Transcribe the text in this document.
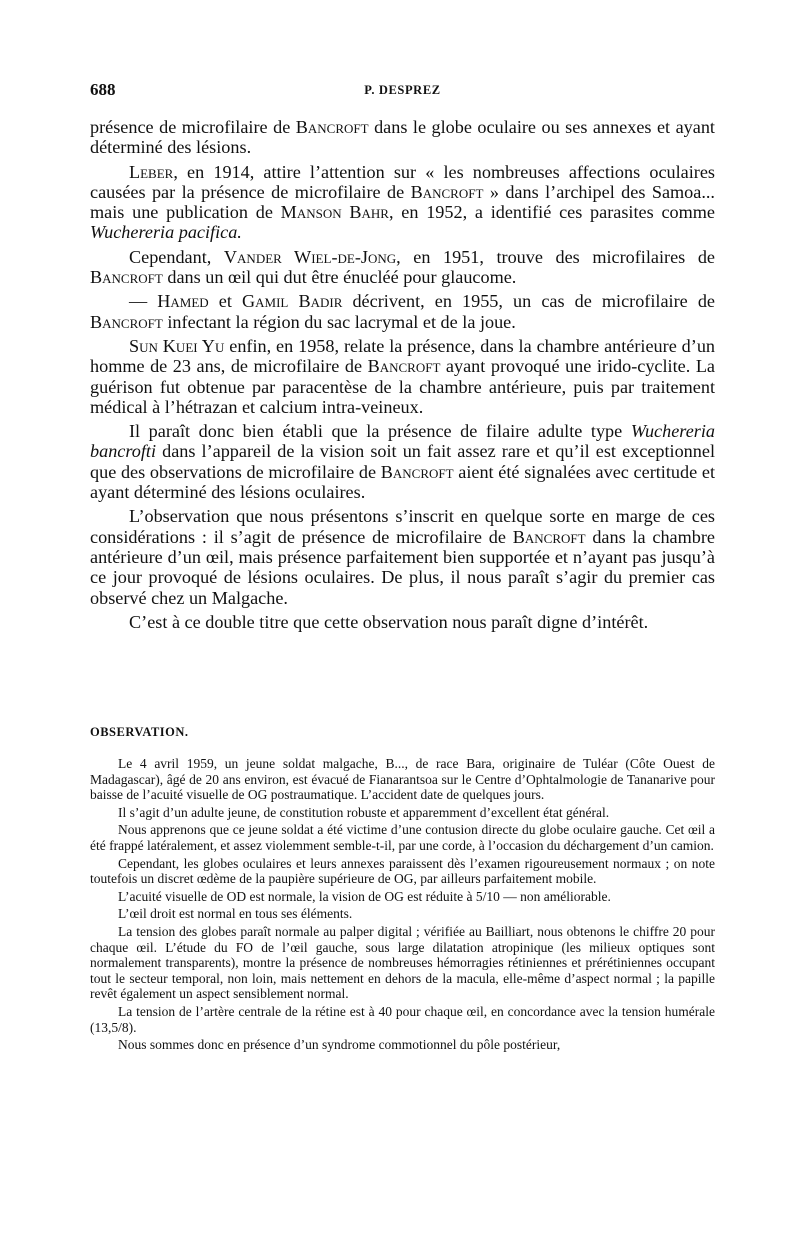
688	P. DESPREZ

présence de microfilaire de Bancroft dans le globe oculaire ou ses annexes et ayant déterminé des lésions.

Leber, en 1914, attire l’attention sur « les nombreuses affections oculaires causées par la présence de microfilaire de Bancroft » dans l’archipel des Samoa... mais une publication de Manson Bahr, en 1952, a identifié ces parasites comme Wuchereria pacifica.

Cependant, Vander Wiel-de-Jong, en 1951, trouve des microfilaires de Bancroft dans un œil qui dut être énucléé pour glaucome.

— Hamed et Gamil Badir décrivent, en 1955, un cas de microfilaire de Bancroft infectant la région du sac lacrymal et de la joue.

Sun Kuei Yu enfin, en 1958, relate la présence, dans la chambre antérieure d’un homme de 23 ans, de microfilaire de Bancroft ayant provoqué une irido-cyclite. La guérison fut obtenue par paracentèse de la chambre antérieure, puis par traitement médical à l’hétrazan et calcium intra-veineux.

Il paraît donc bien établi que la présence de filaire adulte type Wuchereria bancrofti dans l’appareil de la vision soit un fait assez rare et qu’il est exceptionnel que des observations de microfilaire de Bancroft aient été signalées avec certitude et ayant déterminé des lésions oculaires.

L’observation que nous présentons s’inscrit en quelque sorte en marge de ces considérations : il s’agit de présence de microfilaire de Bancroft dans la chambre antérieure d’un œil, mais présence parfaitement bien supportée et n’ayant pas jusqu’à ce jour provoqué de lésions oculaires. De plus, il nous paraît s’agir du premier cas observé chez un Malgache.

C’est à ce double titre que cette observation nous paraît digne d’intérêt.

OBSERVATION.

Le 4 avril 1959, un jeune soldat malgache, B..., de race Bara, originaire de Tuléar (Côte Ouest de Madagascar), âgé de 20 ans environ, est évacué de Fianarantsoa sur le Centre d’Ophtalmologie de Tananarive pour baisse de l’acuité visuelle de OG postraumatique. L’accident date de quelques jours.

Il s’agit d’un adulte jeune, de constitution robuste et apparemment d’excellent état général.

Nous apprenons que ce jeune soldat a été victime d’une contusion directe du globe oculaire gauche. Cet œil a été frappé latéralement, et assez violemment semble-t-il, par une corde, à l’occasion du déchargement d’un camion.

Cependant, les globes oculaires et leurs annexes paraissent dès l’examen rigoureusement normaux ; on note toutefois un discret œdème de la paupière supérieure de OG, par ailleurs parfaitement mobile.

L’acuité visuelle de OD est normale, la vision de OG est réduite à 5/10 — non améliorable.

L’œil droit est normal en tous ses éléments.

La tension des globes paraît normale au palper digital ; vérifiée au Bailliart, nous obtenons le chiffre 20 pour chaque œil. L’étude du FO de l’œil gauche, sous large dilatation atropinique (les milieux optiques sont normalement transparents), montre la présence de nombreuses hémorragies rétiniennes et prérétiniennes occupant tout le secteur temporal, non loin, mais nettement en dehors de la macula, elle-même d’aspect normal ; la papille revêt également un aspect sensiblement normal.

La tension de l’artère centrale de la rétine est à 40 pour chaque œil, en concordance avec la tension humérale (13,5/8).

Nous sommes donc en présence d’un syndrome commotionnel du pôle postérieur,
